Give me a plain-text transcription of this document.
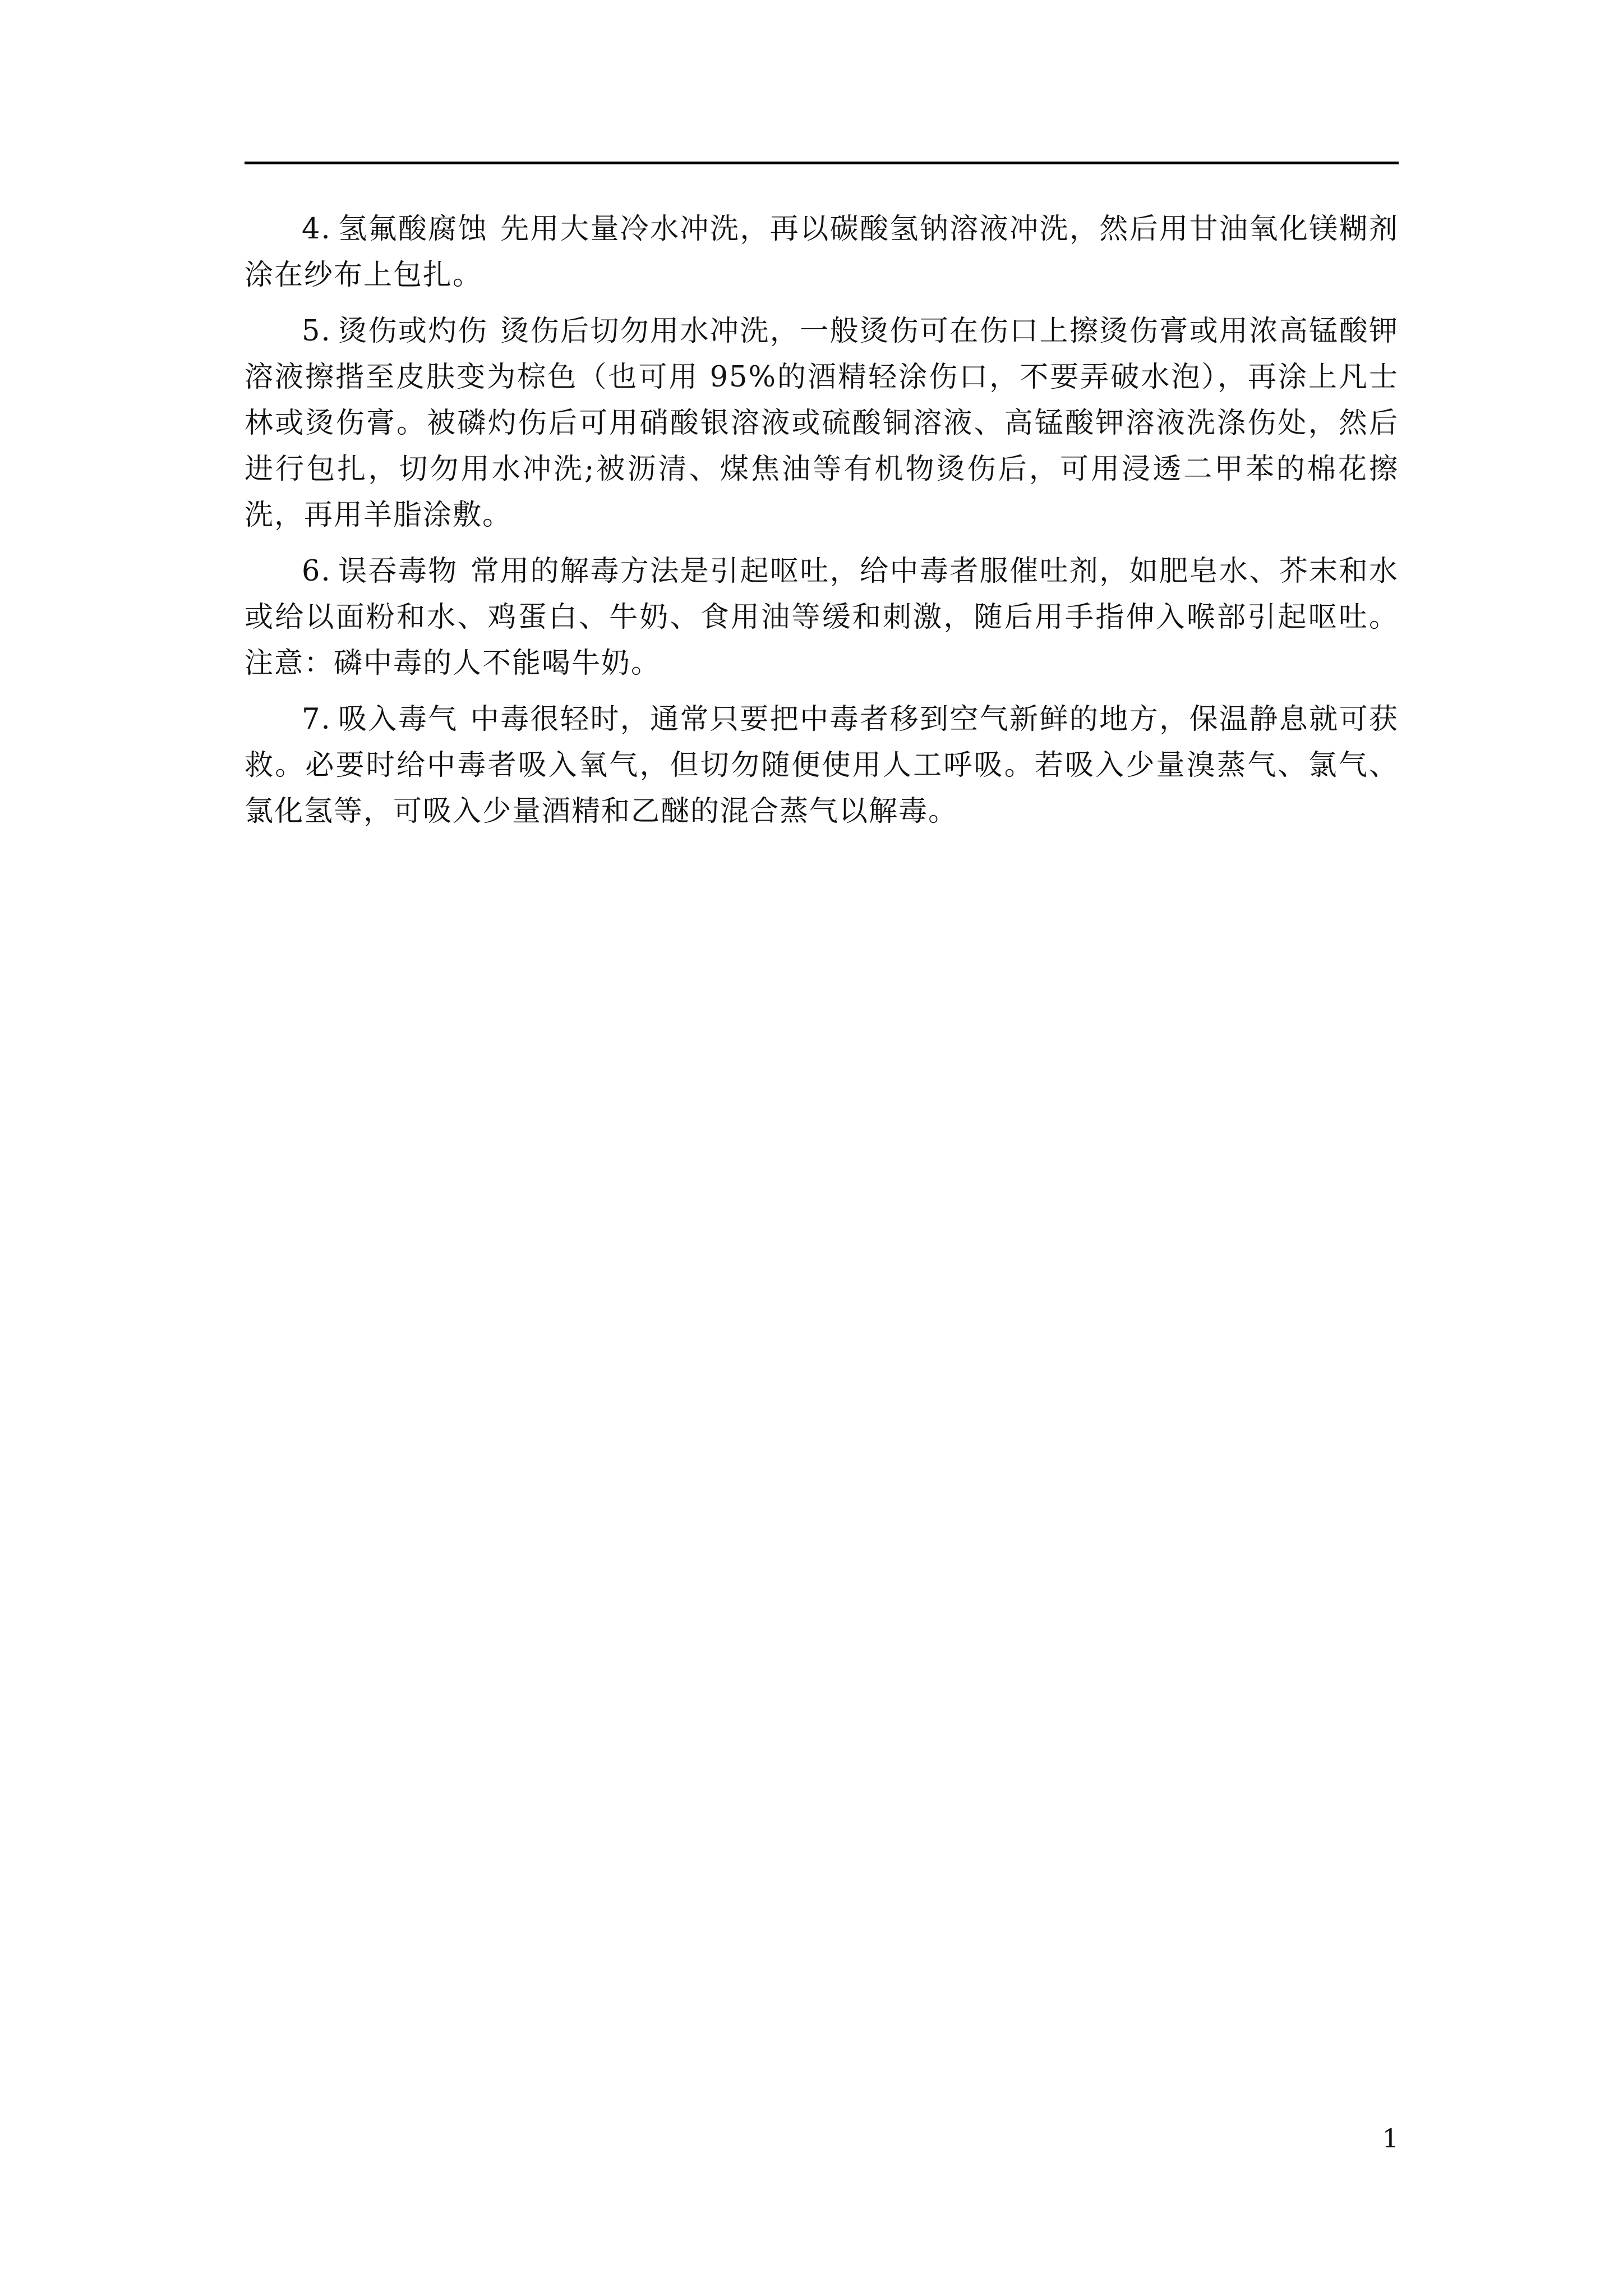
4. 氢氟酸腐蚀 先用大量冷水冲洗，再以碳酸氢钠溶液冲洗，然后用甘油氧化镁糊剂涂在纱布上包扎。

5. 烫伤或灼伤 烫伤后切勿用水冲洗，一般烫伤可在伤口上擦烫伤膏或用浓高锰酸钾溶液擦揩至皮肤变为棕色（也可用 95%的酒精轻涂伤口，不要弄破水泡），再涂上凡士林或烫伤膏。被磷灼伤后可用硝酸银溶液或硫酸铜溶液、高锰酸钾溶液洗涤伤处，然后进行包扎，切勿用水冲洗;被沥清、煤焦油等有机物烫伤后，可用浸透二甲苯的棉花擦洗，再用羊脂涂敷。

6. 误吞毒物 常用的解毒方法是引起呕吐，给中毒者服催吐剂，如肥皂水、芥末和水或给以面粉和水、鸡蛋白、牛奶、食用油等缓和刺激，随后用手指伸入喉部引起呕吐。注意：磷中毒的人不能喝牛奶。

7. 吸入毒气 中毒很轻时，通常只要把中毒者移到空气新鲜的地方，保温静息就可获救。必要时给中毒者吸入氧气，但切勿随便使用人工呼吸。若吸入少量溴蒸气、氯气、氯化氢等，可吸入少量酒精和乙醚的混合蒸气以解毒。

1
